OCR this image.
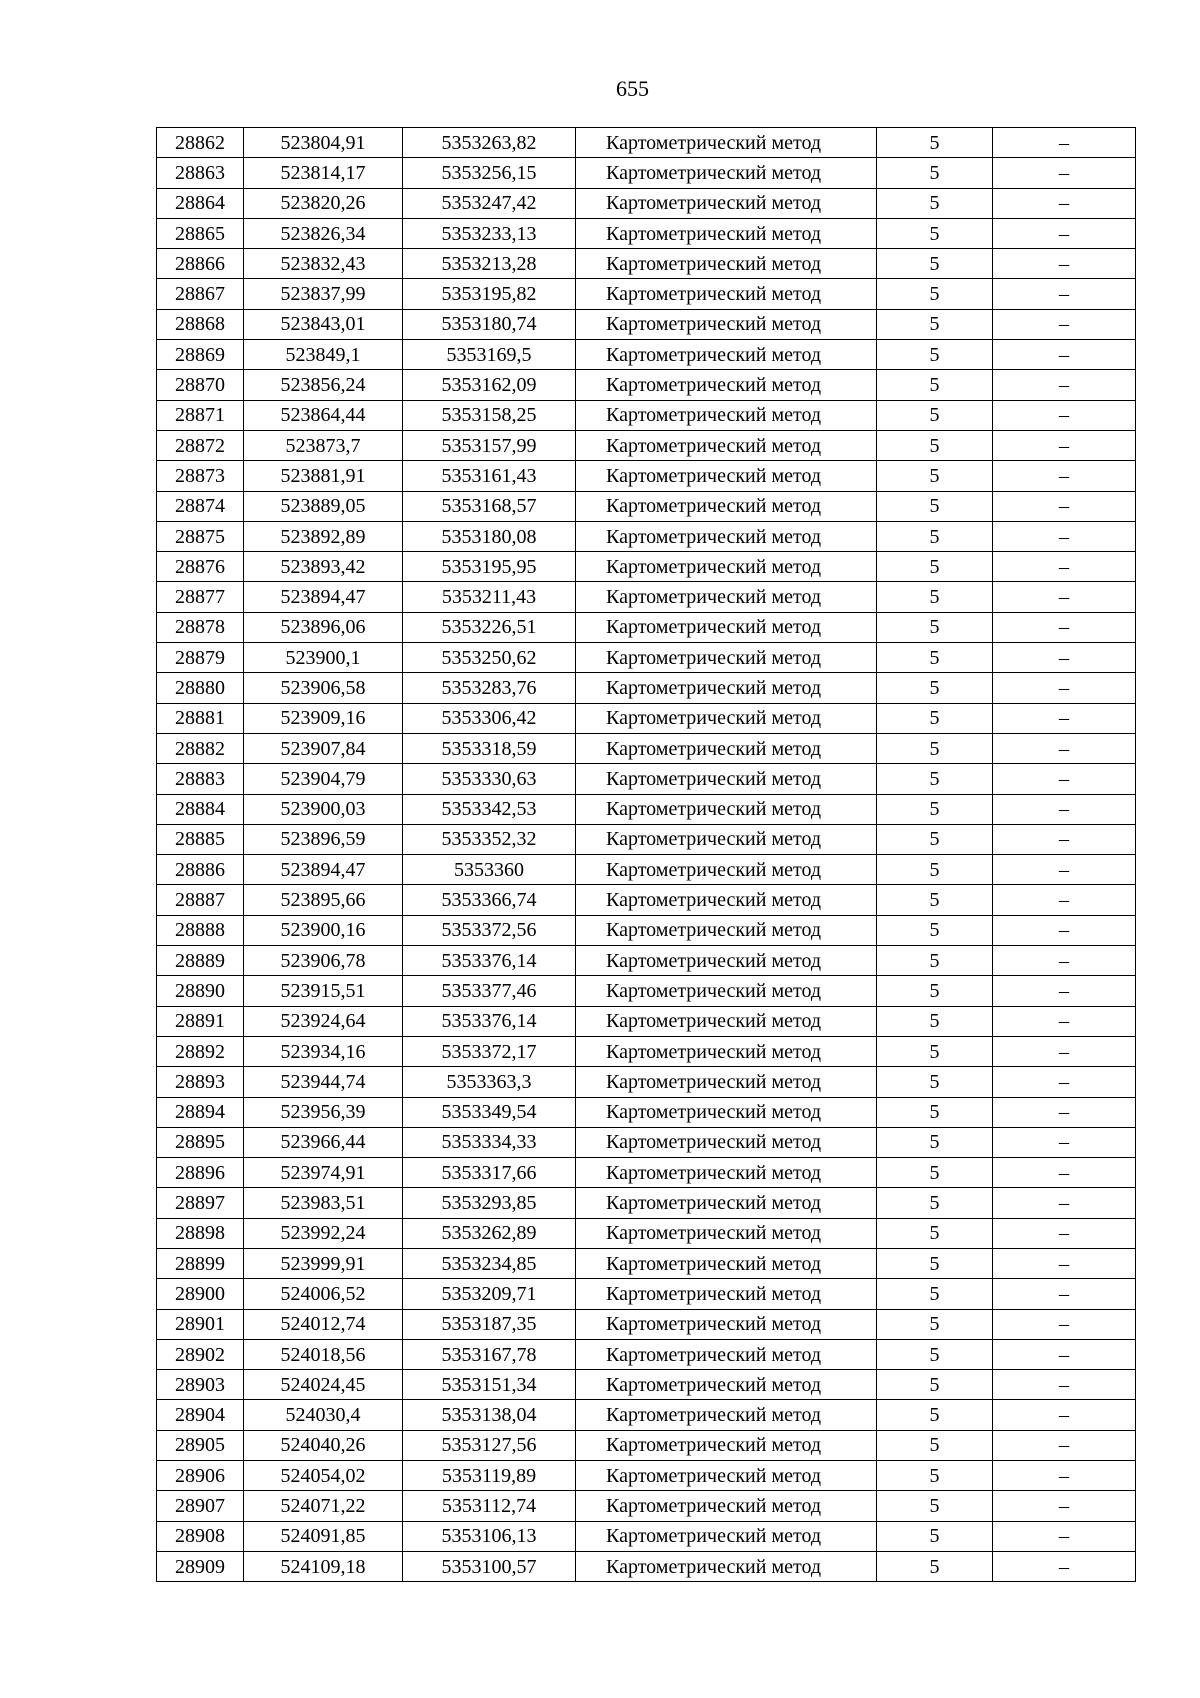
655
28862	523804,91	5353263,82	Картометрический метод	5	–
28863	523814,17	5353256,15	Картометрический метод	5	–
28864	523820,26	5353247,42	Картометрический метод	5	–
28865	523826,34	5353233,13	Картометрический метод	5	–
28866	523832,43	5353213,28	Картометрический метод	5	–
28867	523837,99	5353195,82	Картометрический метод	5	–
28868	523843,01	5353180,74	Картометрический метод	5	–
28869	523849,1	5353169,5	Картометрический метод	5	–
28870	523856,24	5353162,09	Картометрический метод	5	–
28871	523864,44	5353158,25	Картометрический метод	5	–
28872	523873,7	5353157,99	Картометрический метод	5	–
28873	523881,91	5353161,43	Картометрический метод	5	–
28874	523889,05	5353168,57	Картометрический метод	5	–
28875	523892,89	5353180,08	Картометрический метод	5	–
28876	523893,42	5353195,95	Картометрический метод	5	–
28877	523894,47	5353211,43	Картометрический метод	5	–
28878	523896,06	5353226,51	Картометрический метод	5	–
28879	523900,1	5353250,62	Картометрический метод	5	–
28880	523906,58	5353283,76	Картометрический метод	5	–
28881	523909,16	5353306,42	Картометрический метод	5	–
28882	523907,84	5353318,59	Картометрический метод	5	–
28883	523904,79	5353330,63	Картометрический метод	5	–
28884	523900,03	5353342,53	Картометрический метод	5	–
28885	523896,59	5353352,32	Картометрический метод	5	–
28886	523894,47	5353360	Картометрический метод	5	–
28887	523895,66	5353366,74	Картометрический метод	5	–
28888	523900,16	5353372,56	Картометрический метод	5	–
28889	523906,78	5353376,14	Картометрический метод	5	–
28890	523915,51	5353377,46	Картометрический метод	5	–
28891	523924,64	5353376,14	Картометрический метод	5	–
28892	523934,16	5353372,17	Картометрический метод	5	–
28893	523944,74	5353363,3	Картометрический метод	5	–
28894	523956,39	5353349,54	Картометрический метод	5	–
28895	523966,44	5353334,33	Картометрический метод	5	–
28896	523974,91	5353317,66	Картометрический метод	5	–
28897	523983,51	5353293,85	Картометрический метод	5	–
28898	523992,24	5353262,89	Картометрический метод	5	–
28899	523999,91	5353234,85	Картометрический метод	5	–
28900	524006,52	5353209,71	Картометрический метод	5	–
28901	524012,74	5353187,35	Картометрический метод	5	–
28902	524018,56	5353167,78	Картометрический метод	5	–
28903	524024,45	5353151,34	Картометрический метод	5	–
28904	524030,4	5353138,04	Картометрический метод	5	–
28905	524040,26	5353127,56	Картометрический метод	5	–
28906	524054,02	5353119,89	Картометрический метод	5	–
28907	524071,22	5353112,74	Картометрический метод	5	–
28908	524091,85	5353106,13	Картометрический метод	5	–
28909	524109,18	5353100,57	Картометрический метод	5	–
